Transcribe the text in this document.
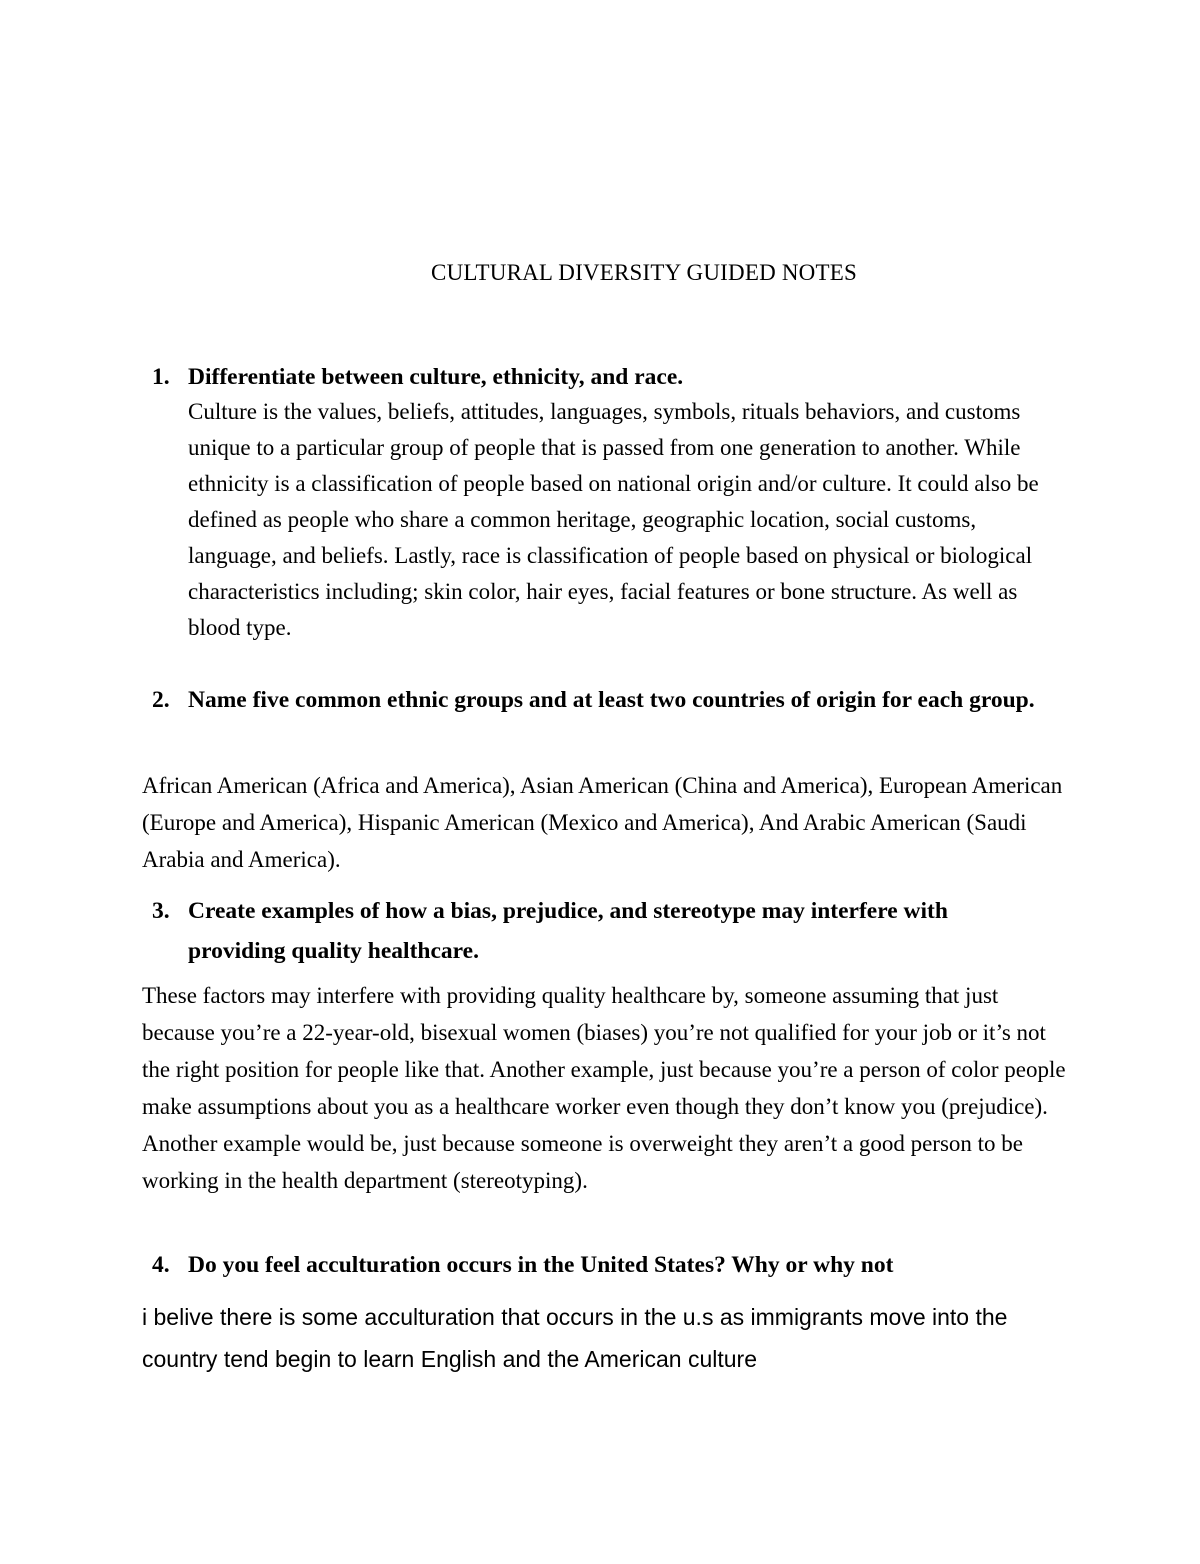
CULTURAL DIVERSITY GUIDED NOTES
1. Differentiate between culture, ethnicity, and race.

Culture is the values, beliefs, attitudes, languages, symbols, rituals behaviors, and customs unique to a particular group of people that is passed from one generation to another. While ethnicity is a classification of people based on national origin and/or culture. It could also be defined as people who share a common heritage, geographic location, social customs, language, and beliefs. Lastly, race is classification of people based on physical or biological characteristics including; skin color, hair eyes, facial features or bone structure. As well as blood type.

2. Name five common ethnic groups and at least two countries of origin for each group.

African American (Africa and America), Asian American (China and America), European American (Europe and America), Hispanic American (Mexico and America), And Arabic American (Saudi Arabia and America).

3. Create examples of how a bias, prejudice, and stereotype may interfere with providing quality healthcare.

These factors may interfere with providing quality healthcare by, someone assuming that just because you’re a 22-year-old, bisexual women (biases) you’re not qualified for your job or it’s not the right position for people like that. Another example, just because you’re a person of color people make assumptions about you as a healthcare worker even though they don’t know you (prejudice). Another example would be, just because someone is overweight they aren’t a good person to be working in the health department (stereotyping).

4. Do you feel acculturation occurs in the United States? Why or why not

i belive there is some acculturation that occurs in the u.s as immigrants move into the country tend begin to learn English and the American culture
